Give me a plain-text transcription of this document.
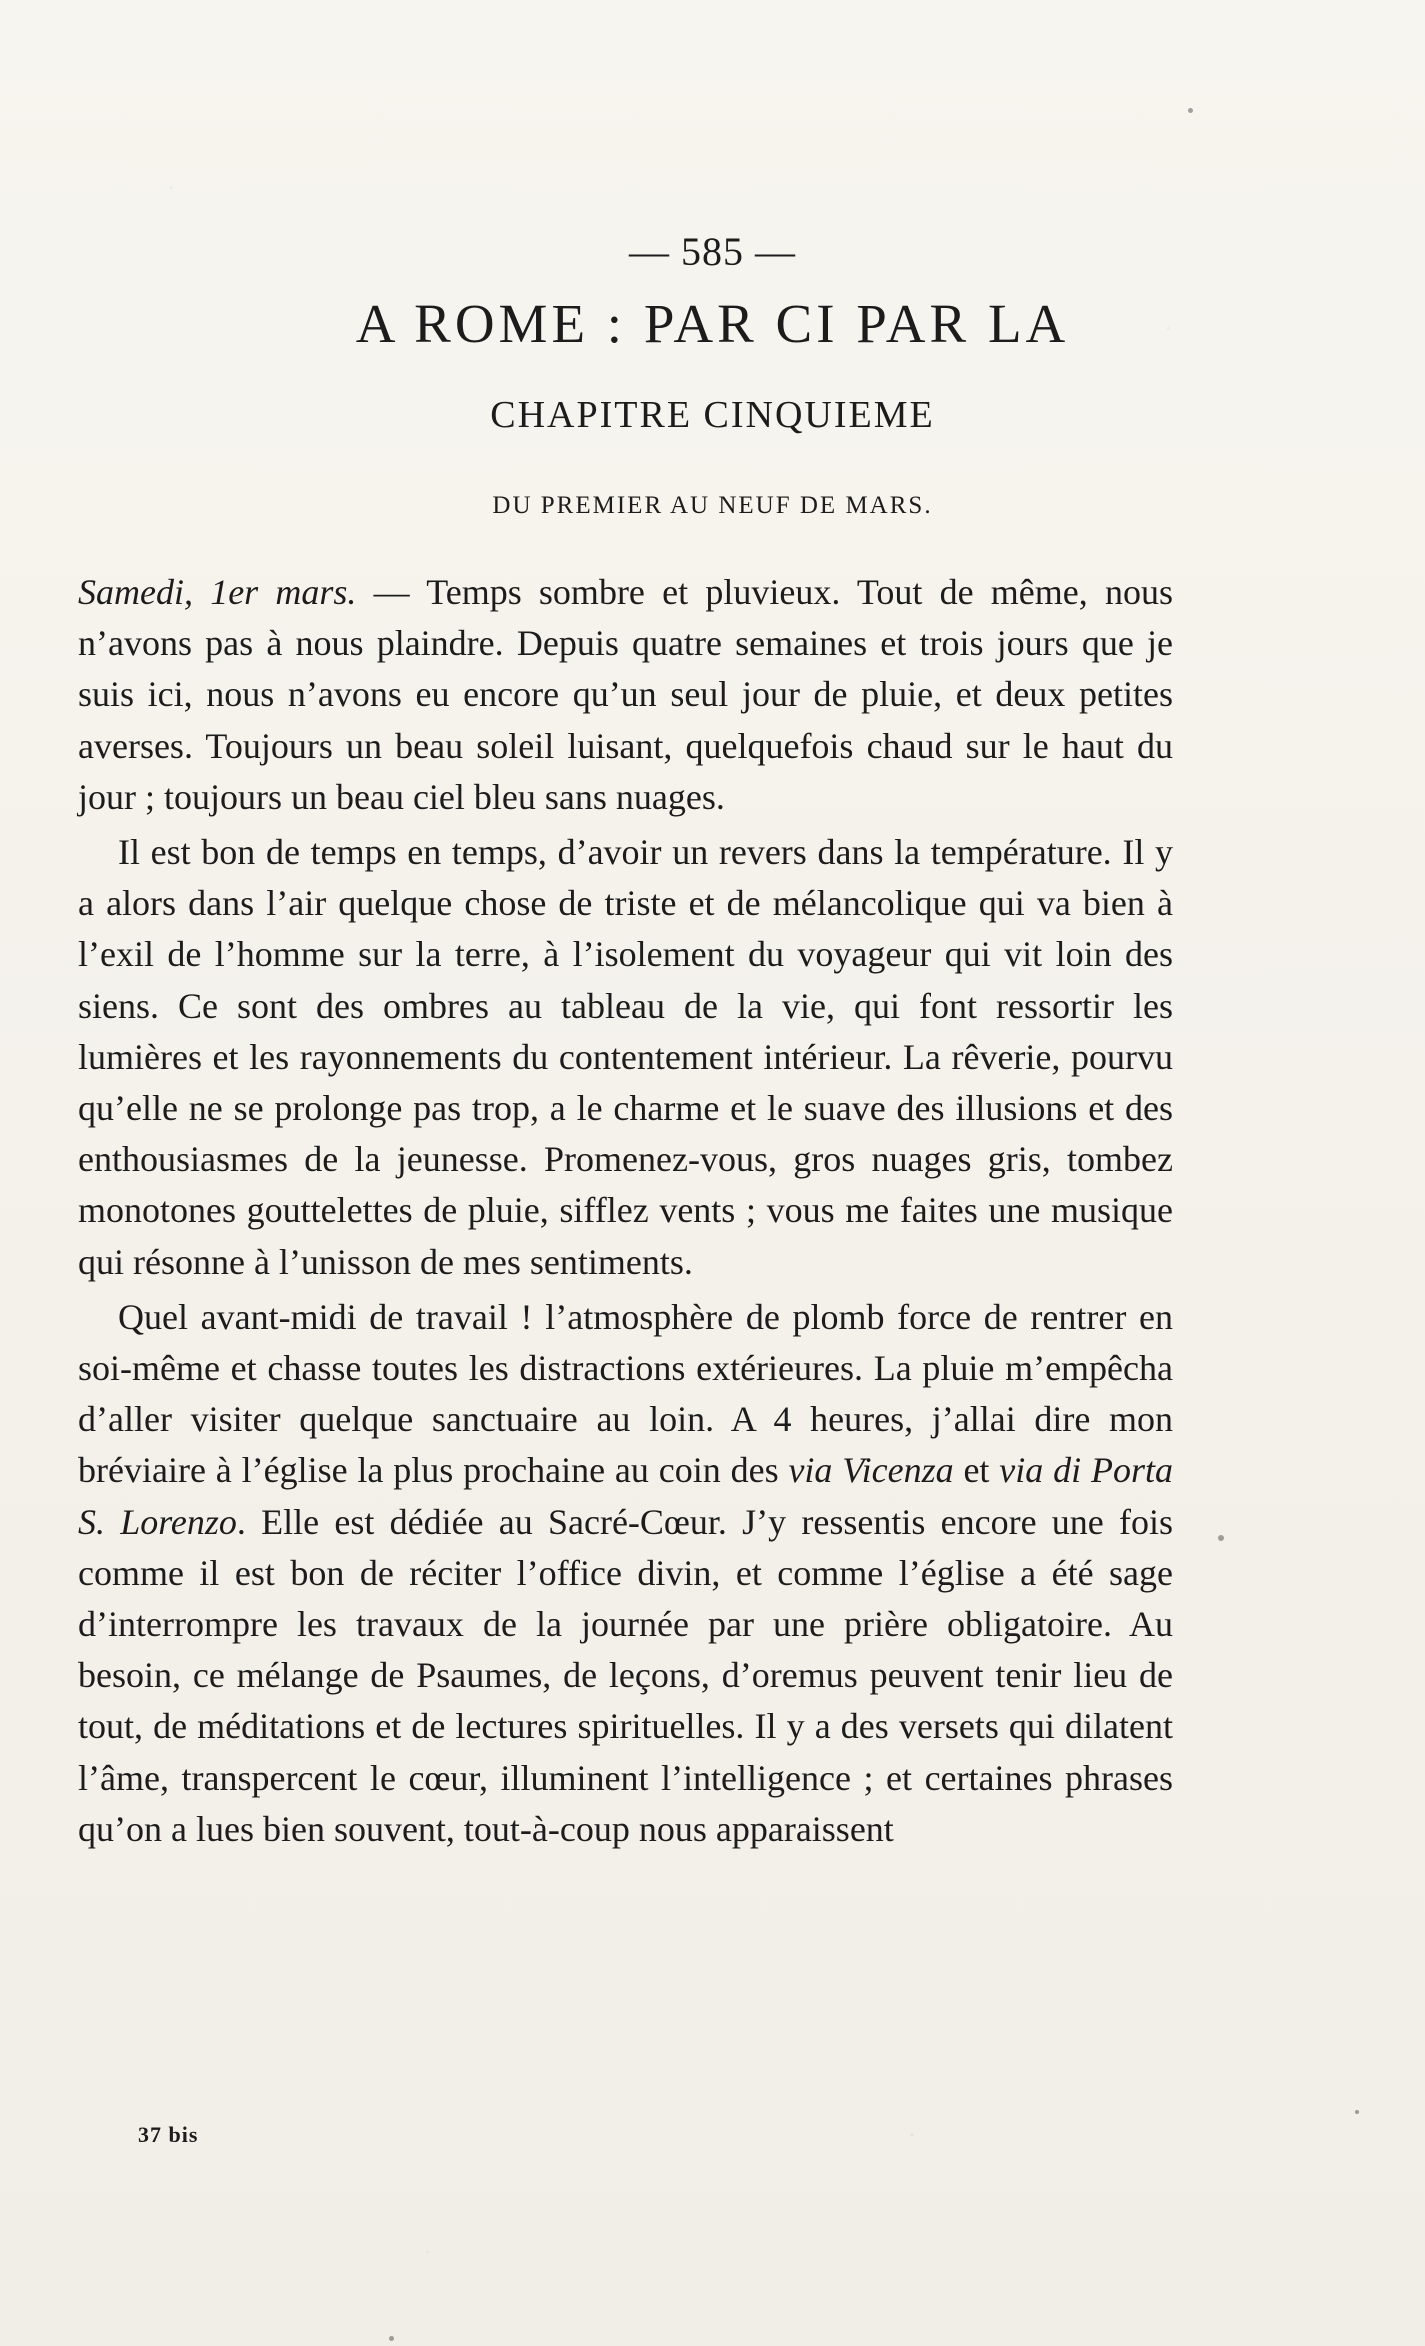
— 585 —
A ROME : PAR CI PAR LA
CHAPITRE CINQUIEME
DU PREMIER AU NEUF DE MARS.

Samedi, 1er mars. — Temps sombre et pluvieux. Tout de même, nous n’avons pas à nous plaindre. Depuis quatre semaines et trois jours que je suis ici, nous n’avons eu encore qu’un seul jour de pluie, et deux petites averses. Toujours un beau soleil luisant, quelquefois chaud sur le haut du jour ; toujours un beau ciel bleu sans nuages.

Il est bon de temps en temps, d’avoir un revers dans la température. Il y a alors dans l’air quelque chose de triste et de mélancolique qui va bien à l’exil de l’homme sur la terre, à l’isolement du voyageur qui vit loin des siens. Ce sont des ombres au tableau de la vie, qui font ressortir les lumières et les rayonnements du contentement intérieur. La rêverie, pourvu qu’elle ne se prolonge pas trop, a le charme et le suave des illusions et des enthousiasmes de la jeunesse. Promenez-vous, gros nuages gris, tombez monotones gouttelettes de pluie, sifflez vents ; vous me faites une musique qui résonne à l’unisson de mes sentiments.

Quel avant-midi de travail ! l’atmosphère de plomb force de rentrer en soi-même et chasse toutes les distractions extérieures. La pluie m’empêcha d’aller visiter quelque sanctuaire au loin. A 4 heures, j’allai dire mon bréviaire à l’église la plus prochaine au coin des via Vicenza et via di Porta S. Lorenzo. Elle est dédiée au Sacré-Cœur. J’y ressentis encore une fois comme il est bon de réciter l’office divin, et comme l’église a été sage d’interrompre les travaux de la journée par une prière obligatoire. Au besoin, ce mélange de Psaumes, de leçons, d’oremus peuvent tenir lieu de tout, de méditations et de lectures spirituelles. Il y a des versets qui dilatent l’âme, transpercent le cœur, illuminent l’intelligence ; et certaines phrases qu’on a lues bien souvent, tout-à-coup nous apparaissent

37 bis
